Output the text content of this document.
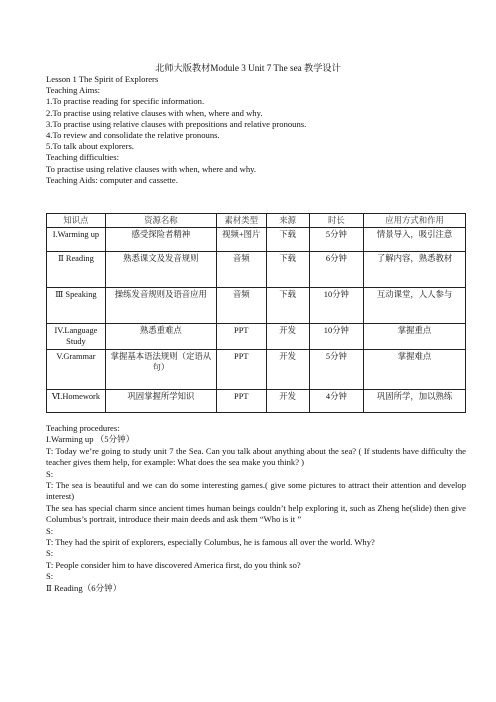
北师大版教材Module 3 Unit 7 The sea 教学设计
Lesson 1 The Spirit of Explorers
Teaching Aims:
1.To practise reading for specific information.
2.To practise using relative clauses with when, where and why.
3.To practise using relative clauses with prepositions and relative pronouns.
4.To review and consolidate the relative pronouns.
5.To talk about explorers.
Teaching difficulties:
To practise using relative clauses with when, where and why.
Teaching Aids: computer and cassette.
知识点	资源名称	素材类型	来源	时长	应用方式和作用
I.Warming up	感受探险者精神	视频+图片	下载	5分钟	情景导入，吸引注意
Ⅱ Reading	熟悉课文及发音规则	音频	下载	6分钟	了解内容，熟悉教材
Ⅲ Speaking	操练发音规则及语音应用	音频	下载	10分钟	互动课堂，人人参与
IV.Language Study	熟悉重难点	PPT	开发	10分钟	掌握重点
V.Grammar	掌握基本语法规则（定语从句）	PPT	开发	5分钟	掌握难点
Ⅵ.Homework	巩固掌握所学知识	PPT	开发	4分钟	巩固所学，加以熟练

Teaching procedures:

I.Warming up （5分钟）

T: Today we’re going to study unit 7 the Sea. Can you talk about anything about the sea? ( If students have difficulty the teacher gives them help, for example: What does the sea make you think? )

S:

T: The sea is beautiful and we can do some interesting games.( give some pictures to attract their attention and develop interest)

The sea has special charm since ancient times human beings couldn’t help exploring it, such as Zheng he(slide) then give Columbus’s portrait, introduce their main deeds and ask them “Who is it ”

S:

T: They had the spirit of explorers, especially Columbus, he is famous all over the world. Why?

S:

T: People consider him to have discovered America first, do you think so?

S:

Ⅱ Reading（6分钟）
